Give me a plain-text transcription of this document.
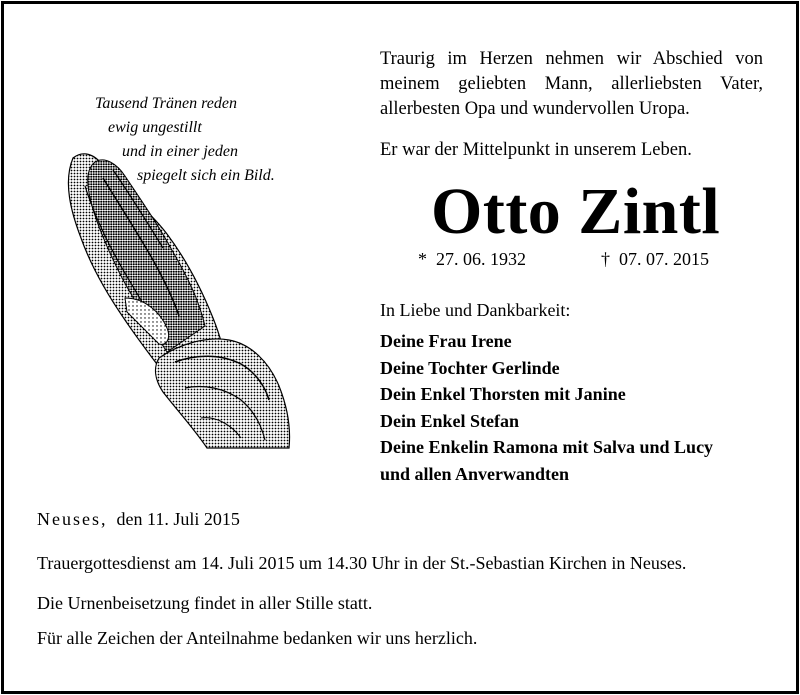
Tausend Tränen reden
ewig ungestillt
und in einer jeden
spiegelt sich ein Bild.
Traurig im Herzen nehmen wir Abschied von
meinem geliebten Mann, allerliebsten Vater,
allerbesten Opa und wundervollen Uropa.
Er war der Mittelpunkt in unserem Leben.
Otto Zintl
* 27. 06. 1932	† 07. 07. 2015
In Liebe und Dankbarkeit:
Deine Frau Irene
Deine Tochter Gerlinde
Dein Enkel Thorsten mit Janine
Dein Enkel Stefan
Deine Enkelin Ramona mit Salva und Lucy
und allen Anverwandten
Neuses, den 11. Juli 2015
Trauergottesdienst am 14. Juli 2015 um 14.30 Uhr in der St.-Sebastian Kirchen in Neuses.
Die Urnenbeisetzung findet in aller Stille statt.
Für alle Zeichen der Anteilnahme bedanken wir uns herzlich.
